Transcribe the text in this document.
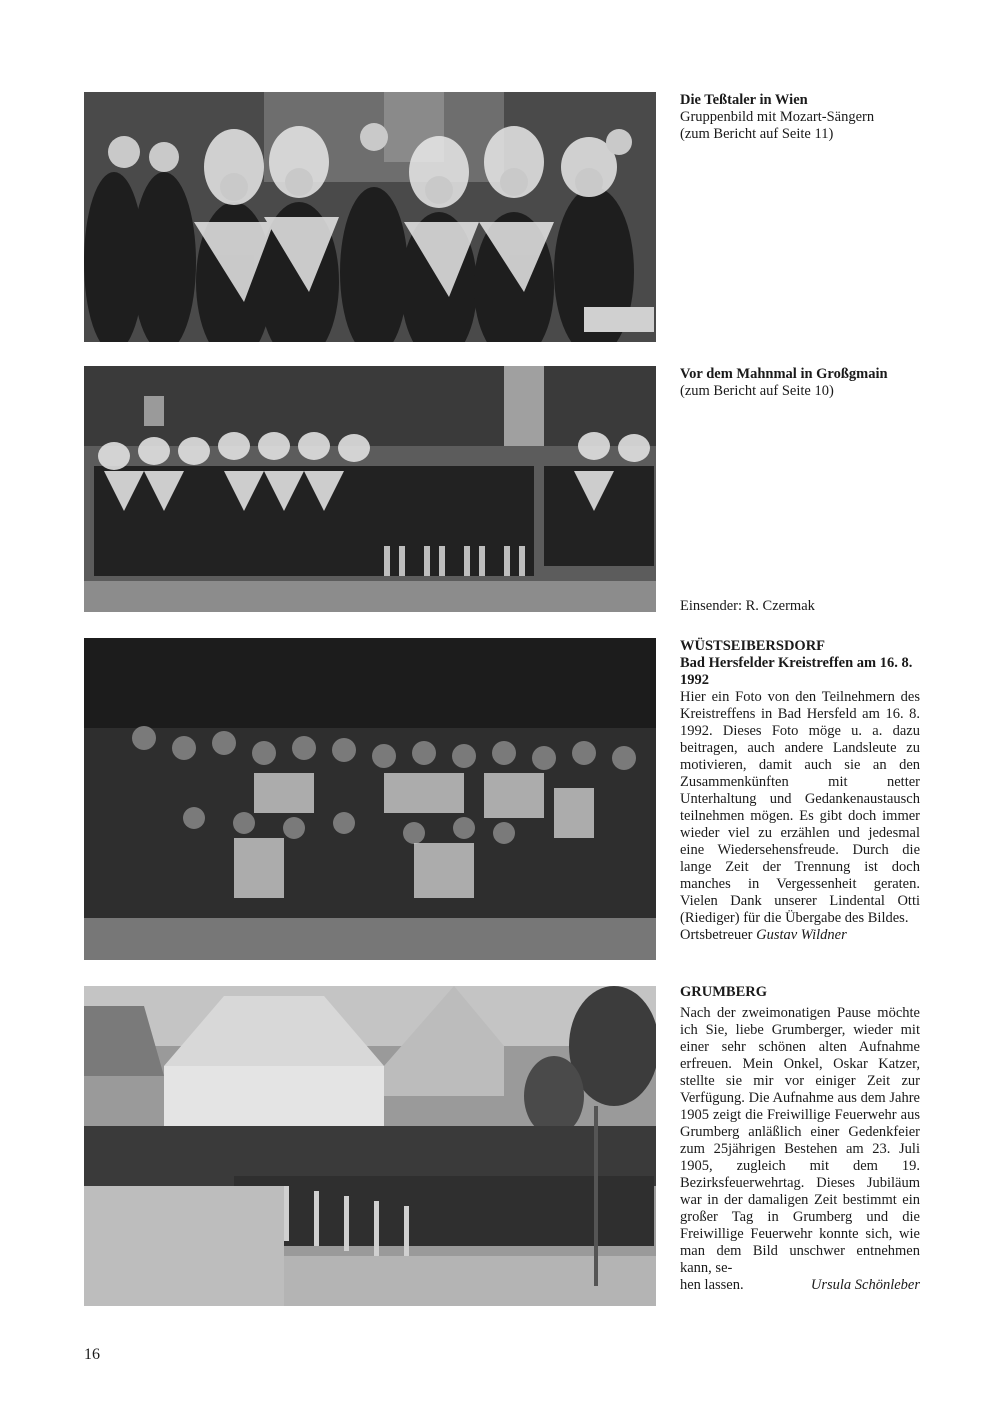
Die Teßtaler in Wien
Gruppenbild mit Mozart-Sängern
(zum Bericht auf Seite 11)
Vor dem Mahnmal in Großgmain
(zum Bericht auf Seite 10)
Einsender: R. Czermak
WÜSTSEIBERSDORF
Bad Hersfelder Kreistreffen am 16. 8. 1992

Hier ein Foto von den Teilnehmern des Kreistreffens in Bad Hersfeld am 16. 8. 1992. Dieses Foto möge u. a. dazu beitragen, auch andere Landsleute zu motivieren, damit auch sie an den Zusammenkünften mit netter Unterhaltung und Gedankenaustausch teilnehmen mögen. Es gibt doch immer wieder viel zu erzählen und jedesmal eine Wiedersehensfreude. Durch die lange Zeit der Trennung ist doch manches in Vergessenheit geraten. Vielen Dank unserer Lindental Otti (Riediger) für die Übergabe des Bildes.

Ortsbetreuer Gustav Wildner

GRUMBERG

Nach der zweimonatigen Pause möchte ich Sie, liebe Grumberger, wieder mit einer sehr schönen alten Aufnahme erfreuen. Mein Onkel, Oskar Katzer, stellte sie mir vor einiger Zeit zur Verfügung. Die Aufnahme aus dem Jahre 1905 zeigt die Freiwillige Feuerwehr aus Grumberg anläßlich einer Gedenkfeier zum 25jährigen Bestehen am 23. Juli 1905, zugleich mit dem 19. Bezirksfeuerwehrtag. Dieses Jubiläum war in der damaligen Zeit bestimmt ein großer Tag in Grumberg und die Freiwillige Feuerwehr konnte sich, wie man dem Bild unschwer entnehmen kann, se-

hen lassen.	Ursula Schönleber
16
